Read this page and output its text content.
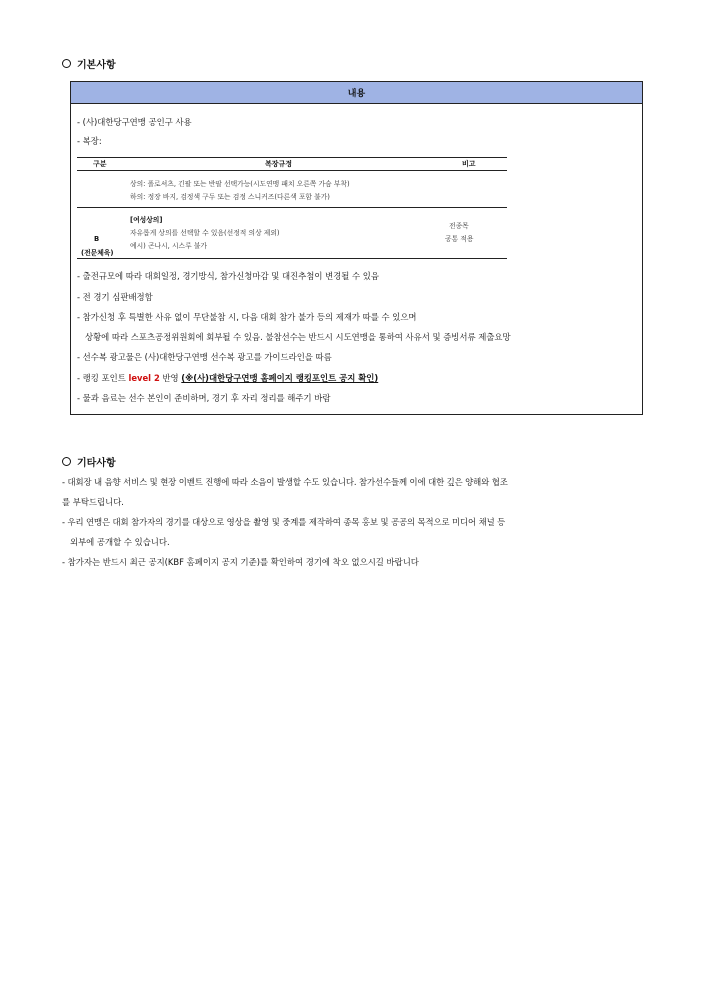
기본사항
내용
- (사)대한당구연맹 공인구 사용
- 복장:
구분	복장규정	비고
상의: 폴로셔츠, 긴팔 또는 반팔 선택가능(시도연맹 패치 오른쪽 가슴 부착)
하의: 정장 바지, 검정색 구두 또는 검정 스니커즈(다른색 포함 불가)
[여성상의]
자유롭게 상의를 선택할 수 있음(선정적 의상 제외)
예시) 곤나시, 시스루 불가
전종목
공통 적용
B
(전문체육)
- 출전규모에 따라 대회일정, 경기방식, 참가신청마감 및 대진추첨이 변경될 수 있음
- 전 경기 심판배정함
- 참가신청 후 특별한 사유 없이 무단불참 시, 다음 대회 참가 불가 등의 제재가 따를 수 있으며
상황에 따라 스포츠공정위원회에 회부될 수 있음. 불참선수는 반드시 시도연맹을 통하여 사유서 및 증빙서류 제출요망
- 선수복 광고물은 (사)대한당구연맹 선수복 광고를 가이드라인을 따름
- 랭킹 포인트 level 2 반영 (※(사)대한당구연맹 홈페이지 랭킹포인트 공지 확인)
- 물과 음료는 선수 본인이 준비하며, 경기 후 자리 정리를 해주기 바람
기타사항
- 대회장 내 음향 서비스 및 현장 이벤트 진행에 따라 소음이 발생할 수도 있습니다. 참가선수들께 이에 대한 깊은 양해와 협조
를 부탁드립니다.
- 우리 연맹은 대회 참가자의 경기를 대상으로 영상을 촬영 및 중계를 제작하여 종목 홍보 및 공공의 목적으로 미디어 채널 등
외부에 공개할 수 있습니다.
- 참가자는 반드시 최근 공지(KBF 홈페이지 공지 기준)를 확인하여 경기에 착오 없으시길 바랍니다
